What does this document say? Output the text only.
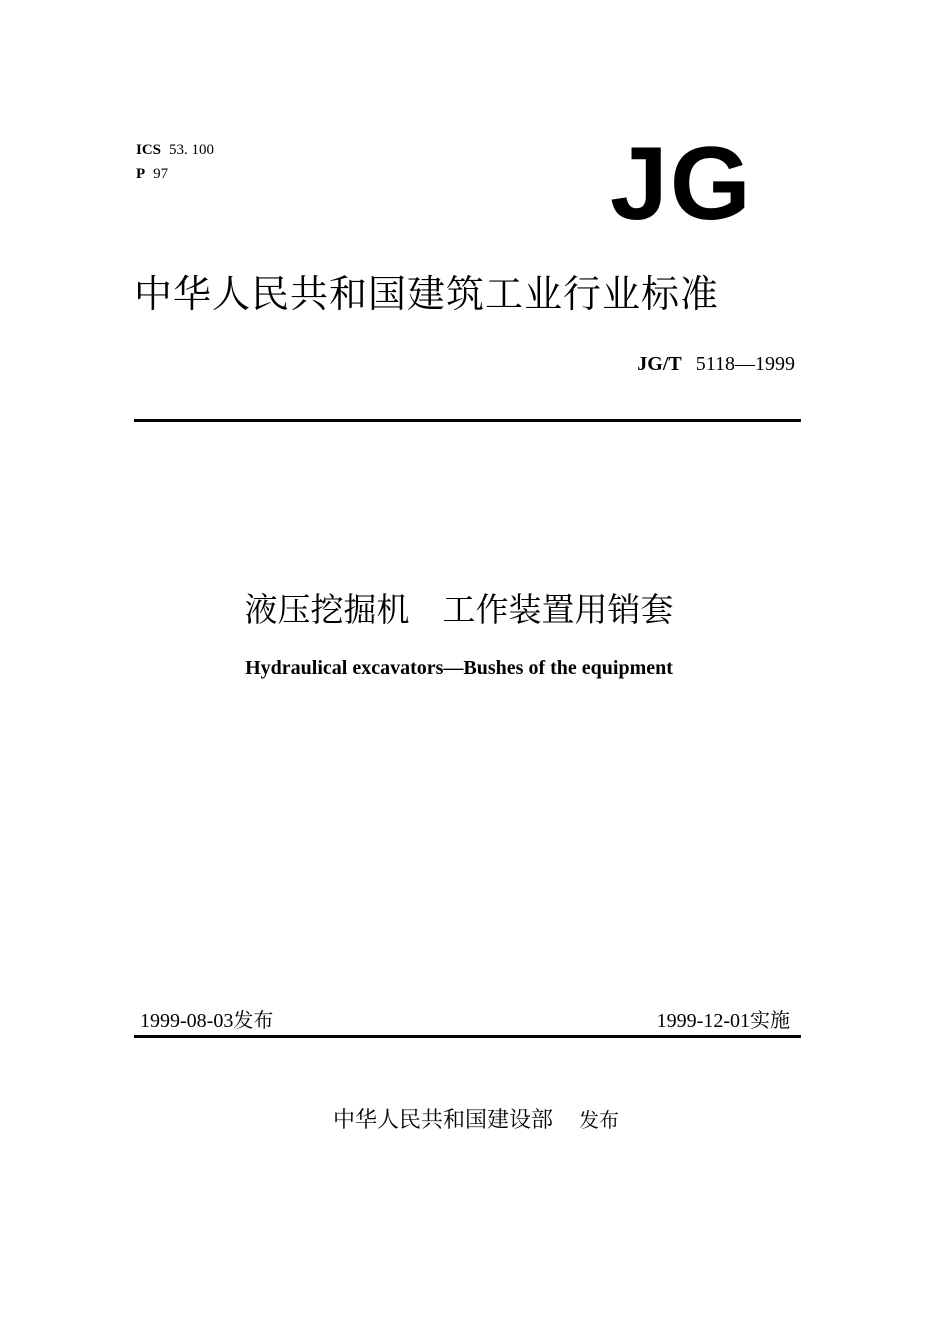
ICS 53. 100
P 97	JG
中华人民共和国建筑工业行业标准
JG/T 5118—1999
液压挖掘机　工作装置用销套
Hydraulical excavators—Bushes of the equipment
1999-08-03发布	1999-12-01实施

中华人民共和国建设部 发布
